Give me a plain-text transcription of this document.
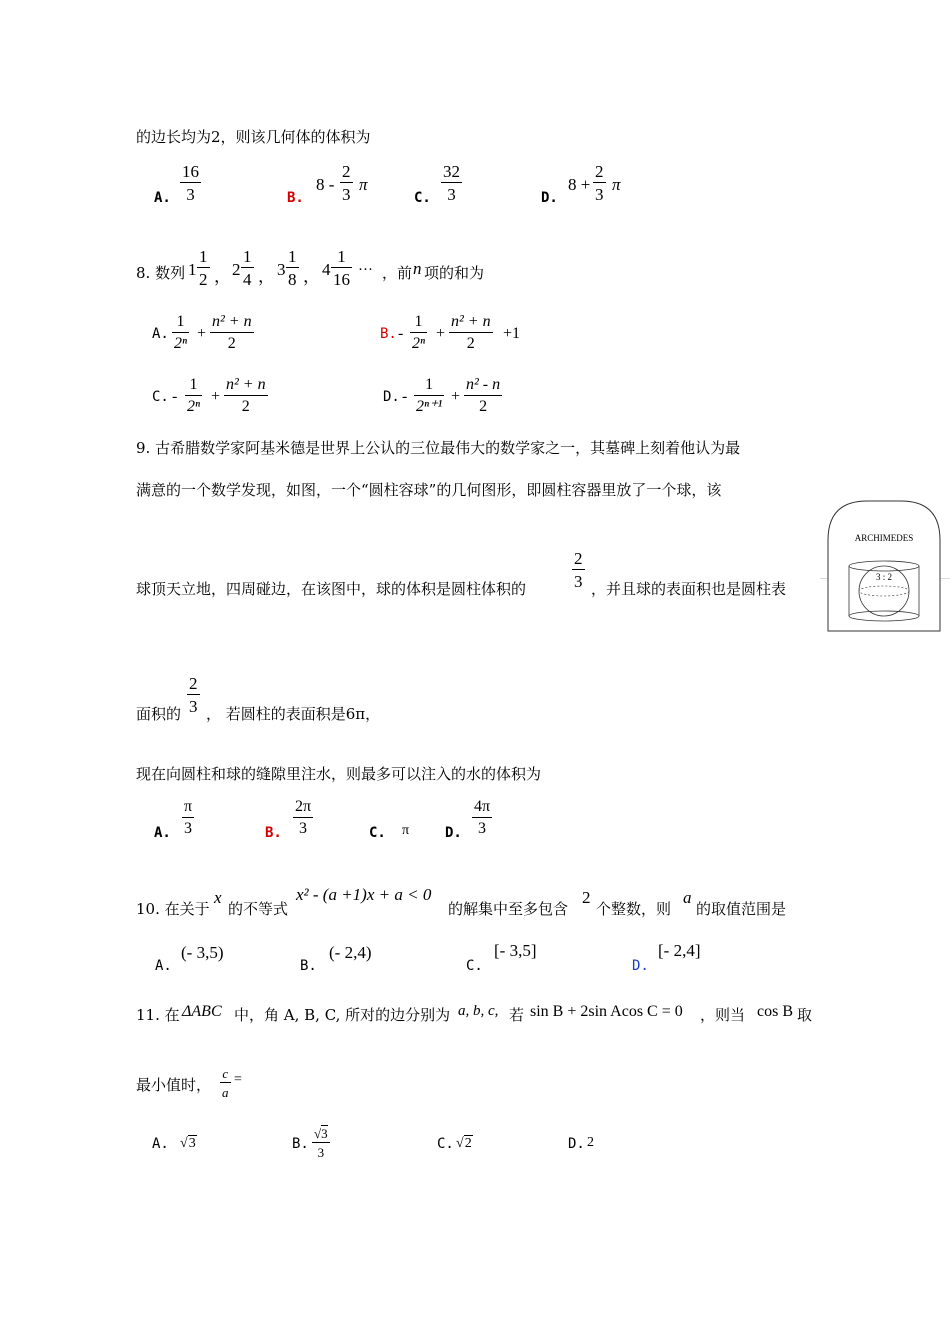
的边长均为2，则该几何体的体积为
A.
16
3	B.
8 -
2
3
π
C.
32
3	D.
8 +
2
3
π
8. 数列 1
1
2 ， 2
1
4 ， 3
1
8 ， 4
1
16 ··· ，前 n 项的和为
A.
1
2ⁿ
+
n² + n
2
B. -
1
2ⁿ
+
n² + n
2
+1
C. -
1
2ⁿ
+
n² + n
2
D. -
1
2ⁿ⁺¹
+
n² - n
2
9. 古希腊数学家阿基米德是世界上公认的三位最伟大的数学家之一，其墓碑上刻着他认为最
满意的一个数学发现，如图，一个“圆柱容球”的几何图形，即圆柱容器里放了一个球，该
球顶天立地，四周碰边，在该图中，球的体积是圆柱体积的
2
3 ，并且球的表面积也是圆柱表
ARCHIMEDES
3 : 2
面积的
2
3 ， 若圆柱的表面积是6π，
现在向圆柱和球的缝隙里注水，则最多可以注入的水的体积为
A.
π
3	B.
2π
3	C. π	D.
4π
3
10. 在关于
x
的不等式
x² - (a +1)x + a < 0
的解集中至多包含
2
个整数，则
a
的取值范围是
A.
(- 3,5)
B.
(- 2,4)
C.
[- 3,5]
D.
[- 2,4]
11. 在 ΔABC 中，角 A, B, C, 所对的边分别为 a, b, c, 若 sin B + 2sin Acos C = 0 ，则当 cos B 取
最小值时，
c
a
=
A. √3	B.
√3
3
C. √2	D. 2
